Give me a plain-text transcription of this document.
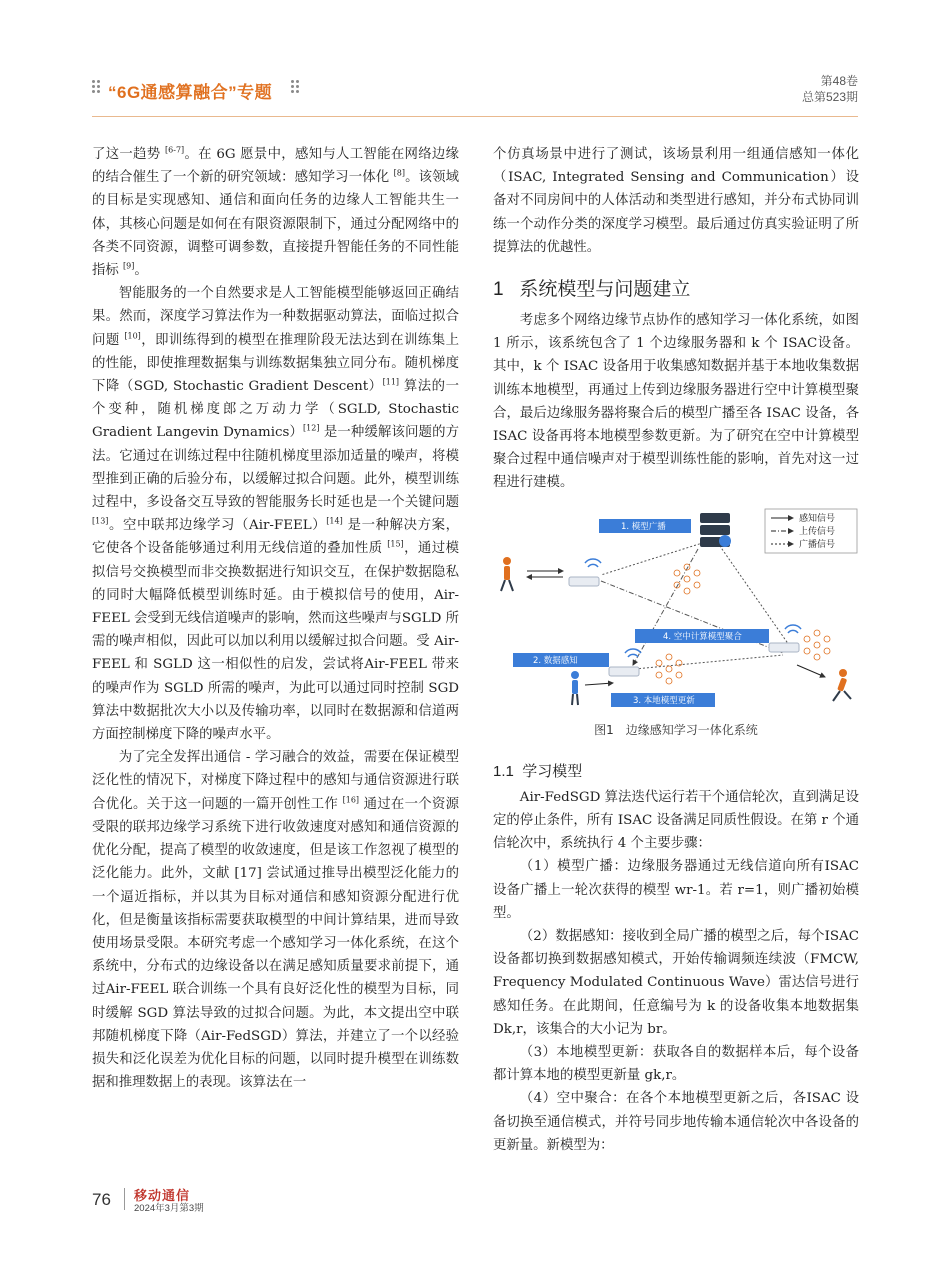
“6G通感算融合”专题
第48卷
总第523期

了这一趋势 [6-7]。在 6G 愿景中，感知与人工智能在网络边缘的结合催生了一个新的研究领域：感知学习一体化 [8]。该领域的目标是实现感知、通信和面向任务的边缘人工智能共生一体，其核心问题是如何在有限资源限制下，通过分配网络中的各类不同资源，调整可调参数，直接提升智能任务的不同性能指标 [9]。

智能服务的一个自然要求是人工智能模型能够返回正确结果。然而，深度学习算法作为一种数据驱动算法，面临过拟合问题 [10]，即训练得到的模型在推理阶段无法达到在训练集上的性能，即使推理数据集与训练数据集独立同分布。随机梯度下降（SGD, Stochastic Gradient Descent）[11] 算法的一个变种，随机梯度郎之万动力学（SGLD, Stochastic Gradient Langevin Dynamics）[12] 是一种缓解该问题的方法。它通过在训练过程中往随机梯度里添加适量的噪声，将模型推到正确的后验分布，以缓解过拟合问题。此外，模型训练过程中，多设备交互导致的智能服务长时延也是一个关键问题 [13]。空中联邦边缘学习（Air-FEEL）[14] 是一种解决方案，它使各个设备能够通过利用无线信道的叠加性质 [15]，通过模拟信号交换模型而非交换数据进行知识交互，在保护数据隐私的同时大幅降低模型训练时延。由于模拟信号的使用，Air-FEEL 会受到无线信道噪声的影响，然而这些噪声与SGLD 所需的噪声相似，因此可以加以利用以缓解过拟合问题。受 Air-FEEL 和 SGLD 这一相似性的启发，尝试将Air-FEEL 带来的噪声作为 SGLD 所需的噪声，为此可以通过同时控制 SGD 算法中数据批次大小以及传输功率，以同时在数据源和信道两方面控制梯度下降的噪声水平。

为了完全发挥出通信 - 学习融合的效益，需要在保证模型泛化性的情况下，对梯度下降过程中的感知与通信资源进行联合优化。关于这一问题的一篇开创性工作 [16] 通过在一个资源受限的联邦边缘学习系统下进行收敛速度对感知和通信资源的优化分配，提高了模型的收敛速度，但是该工作忽视了模型的泛化能力。此外，文献 [17] 尝试通过推导出模型泛化能力的一个逼近指标，并以其为目标对通信和感知资源分配进行优化，但是衡量该指标需要获取模型的中间计算结果，进而导致使用场景受限。本研究考虑一个感知学习一体化系统，在这个系统中，分布式的边缘设备以在满足感知质量要求前提下，通过Air-FEEL 联合训练一个具有良好泛化性的模型为目标，同时缓解 SGD 算法导致的过拟合问题。为此，本文提出空中联邦随机梯度下降（Air-FedSGD）算法，并建立了一个以经验损失和泛化误差为优化目标的问题，以同时提升模型在训练数据和推理数据上的表现。该算法在一

个仿真场景中进行了测试，该场景利用一组通信感知一体化（ISAC, Integrated Sensing and Communication）设备对不同房间中的人体活动和类型进行感知，并分布式协同训练一个动作分类的深度学习模型。最后通过仿真实验证明了所提算法的优越性。

1 系统模型与问题建立

考虑多个网络边缘节点协作的感知学习一体化系统，如图 1 所示，该系统包含了 1 个边缘服务器和 k 个 ISAC设备。其中，k 个 ISAC 设备用于收集感知数据并基于本地收集数据训练本地模型，再通过上传到边缘服务器进行空中计算模型聚合，最后边缘服务器将聚合后的模型广播至各 ISAC 设备，各 ISAC 设备再将本地模型参数更新。为了研究在空中计算模型聚合过程中通信噪声对于模型训练性能的影响，首先对这一过程进行建模。

感知信号
上传信号
广播信号
1. 模型广播
2. 数据感知
3. 本地模型更新
4. 空中计算模型聚合
图1　边缘感知学习一体化系统
1.1 学习模型

Air-FedSGD 算法迭代运行若干个通信轮次，直到满足设定的停止条件，所有 ISAC 设备满足同质性假设。在第 r 个通信轮次中，系统执行 4 个主要步骤：

（1）模型广播：边缘服务器通过无线信道向所有ISAC 设备广播上一轮次获得的模型 wr-1。若 r=1，则广播初始模型。

（2）数据感知：接收到全局广播的模型之后，每个ISAC 设备都切换到数据感知模式，开始传输调频连续波（FMCW, Frequency Modulated Continuous Wave）雷达信号进行感知任务。在此期间，任意编号为 k 的设备收集本地数据集 Dk,r，该集合的大小记为 br。

（3）本地模型更新：获取各自的数据样本后，每个设备都计算本地的模型更新量 gk,r。

（4）空中聚合：在各个本地模型更新之后，各ISAC 设备切换至通信模式，并符号同步地传输本通信轮次中各设备的更新量。新模型为：

76 移动通信
2024年3月第3期
